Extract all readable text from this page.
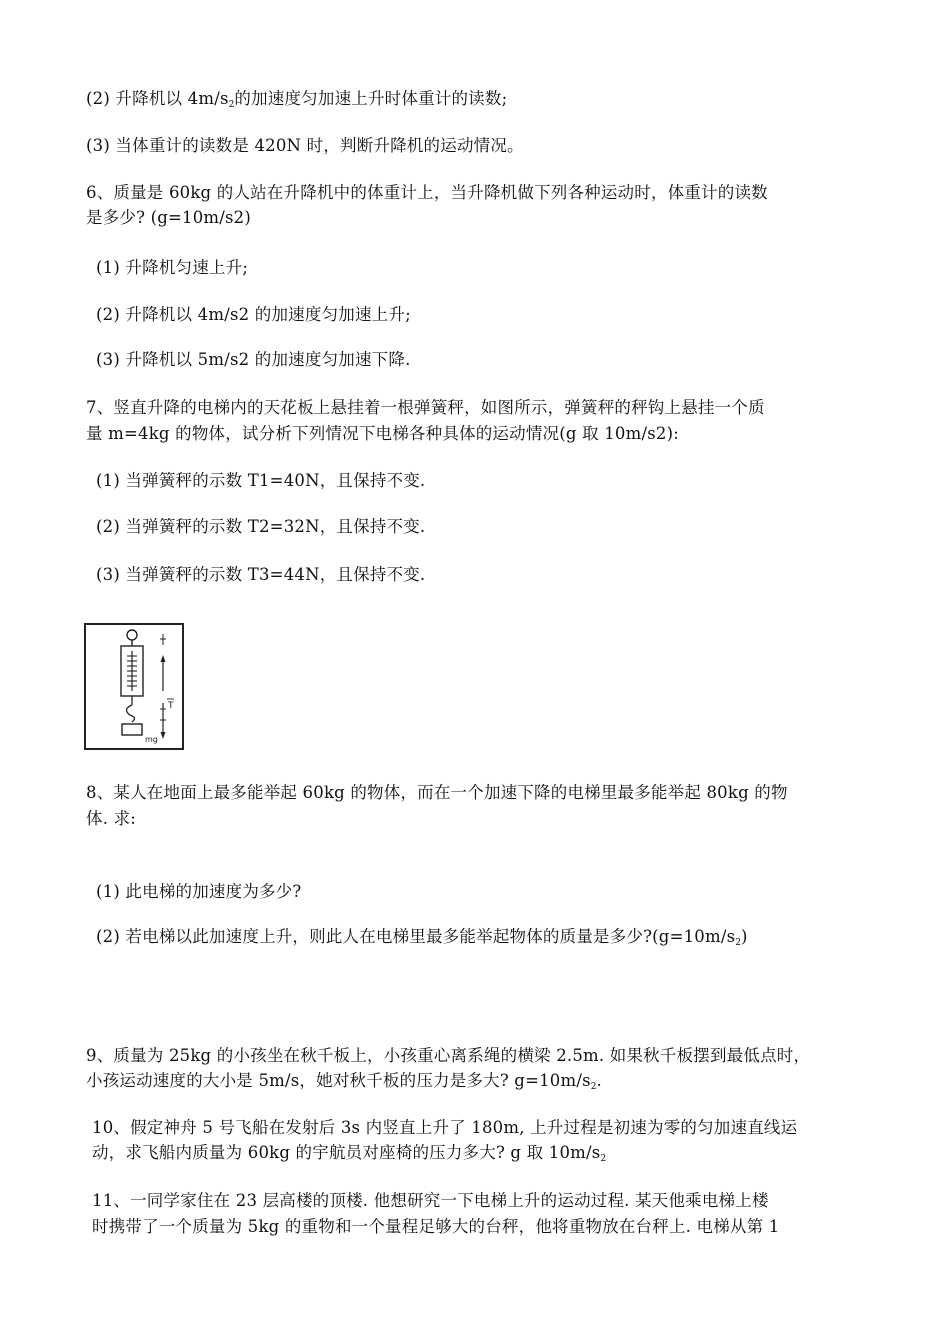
(2) 升降机以 $4m/s_2$的加速度匀加速上升时体重计的读数;
(3) 当体重计的读数是 420N 时，判断升降机的运动情况。
6、质量是 60kg 的人站在升降机中的体重计上，当升降机做下列各种运动时，体重计的读数
是多少? (g=10m/s2)
(1) 升降机匀速上升;
(2) 升降机以 4m/s2 的加速度匀加速上升;
(3) 升降机以 5m/s2 的加速度匀加速下降.
7、竖直升降的电梯内的天花板上悬挂着一根弹簧秤，如图所示，弹簧秤的秤钩上悬挂一个质
量 m=4kg 的物体，试分析下列情况下电梯各种具体的运动情况(g 取 10m/s2):
(1) 当弹簧秤的示数 T1=40N，且保持不变.
(2) 当弹簧秤的示数 T2=32N，且保持不变.
(3) 当弹簧秤的示数 T3=44N，且保持不变.
mg
T
8、某人在地面上最多能举起 60kg 的物体，而在一个加速下降的电梯里最多能举起 80kg 的物
体. 求:
(1) 此电梯的加速度为多少?
(2) 若电梯以此加速度上升，则此人在电梯里最多能举起物体的质量是多少$?(g=10m/s_2)$
9、质量为 25kg 的小孩坐在秋千板上，小孩重心离系绳的横梁 2.5m. 如果秋千板摆到最低点时，
小孩运动速度的大小是 5m/s，她对秋千板的压力是多大? $g=10m/s_2$.
10、假定神舟 5 号飞船在发射后 3s 内竖直上升了 180m, 上升过程是初速为零的匀加速直线运
动，求飞船内质量为 60kg 的宇航员对座椅的压力多大? g 取 $10m/s_2$
11、一同学家住在 23 层高楼的顶楼. 他想研究一下电梯上升的运动过程. 某天他乘电梯上楼
时携带了一个质量为 5kg 的重物和一个量程足够大的台秤，他将重物放在台秤上. 电梯从第 1
